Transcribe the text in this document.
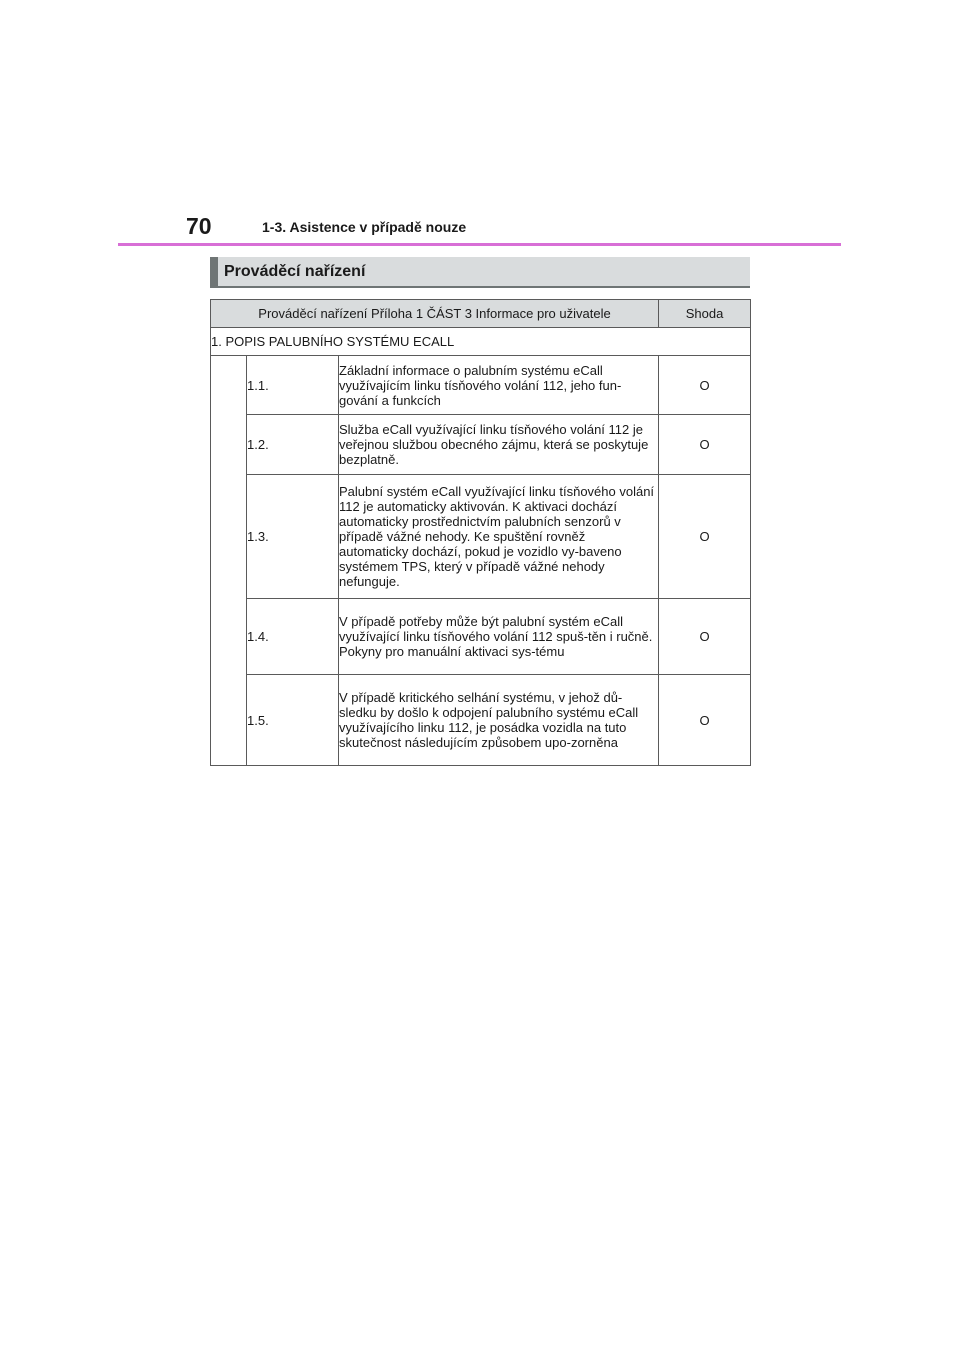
70	1-3. Asistence v případě nouze
Prováděcí nařízení
Prováděcí nařízení Příloha 1 ČÁST 3 Informace pro uživatele			Shoda
1. POPIS PALUBNÍHO SYSTÉMU ECALL			
	1.1.	Základní informace o palubním systému eCall využívajícím linku tísňového volání 112, jeho fun-gování a funkcích	O
	1.2.	Služba eCall využívající linku tísňového volání 112 je veřejnou službou obecného zájmu, která se poskytuje bezplatně.	O
	1.3.	Palubní systém eCall využívající linku tísňového volání 112 je automaticky aktivován. K aktivaci dochází automaticky prostřednictvím palubních senzorů v případě vážné nehody. Ke spuštění rovněž automaticky dochází, pokud je vozidlo vy-baveno systémem TPS, který v případě vážné nehody nefunguje.	O
	1.4.	V případě potřeby může být palubní systém eCall využívající linku tísňového volání 112 spuš-těn i ručně. Pokyny pro manuální aktivaci sys-tému	O
	1.5.	V případě kritického selhání systému, v jehož dů-sledku by došlo k odpojení palubního systému eCall využívajícího linku 112, je posádka vozidla na tuto skutečnost následujícím způsobem upo-zorněna	O
